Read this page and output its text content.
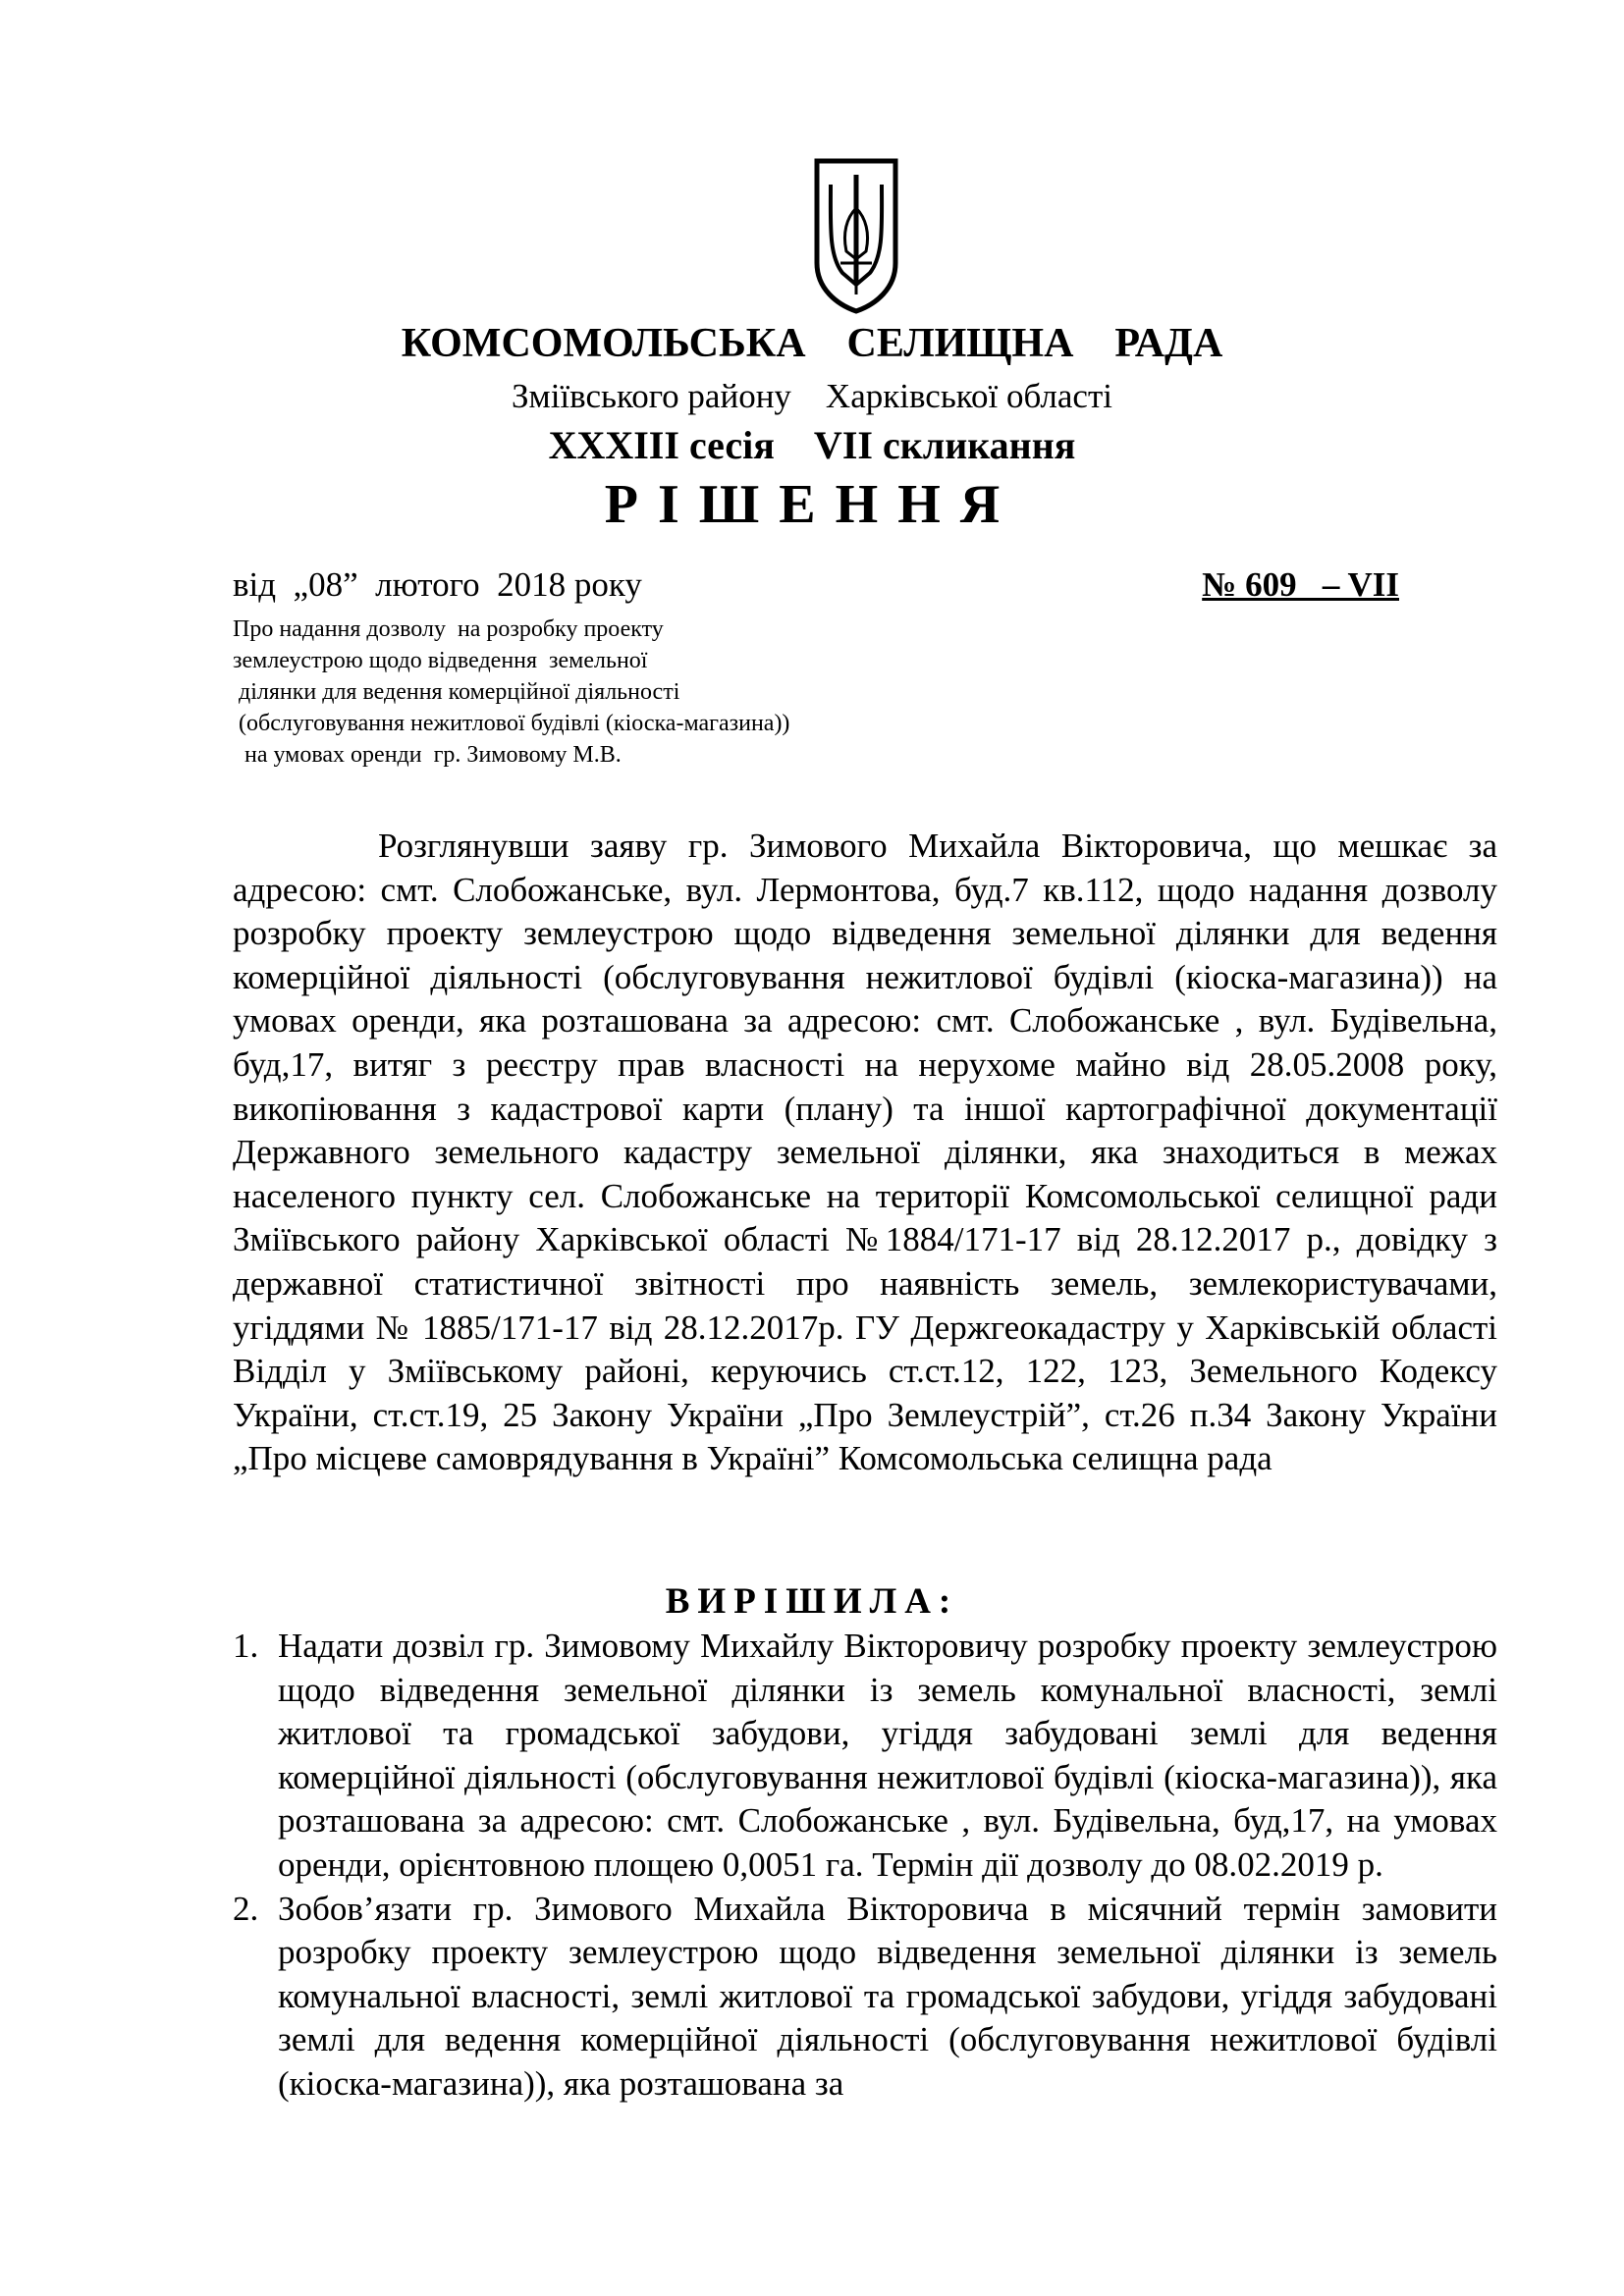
КОМСОМОЛЬСЬКА    СЕЛИЩНА    РАДА
Зміївського району    Харківської області
XXXIII сесія    VII скликання
РІШЕННЯ
від  „08”  лютого  2018 року	№ 609   – VII
Про надання дозволу  на розробку проекту
землеустрою щодо відведення  земельної
ділянки для ведення комерційної діяльності
(обслуговування нежитлової будівлі (кіоска-магазина))
на умовах оренди  гр. Зимовому М.В.
Розглянувши заяву гр. Зимового Михайла Вікторовича, що мешкає за адресою: смт. Слобожанське, вул. Лермонтова, буд.7 кв.112, щодо надання дозволу розробку проекту землеустрою щодо відведення земельної ділянки для ведення комерційної діяльності (обслуговування нежитлової будівлі (кіоска-магазина)) на умовах оренди, яка розташована за адресою: смт. Слобожанське , вул. Будівельна, буд,17, витяг з реєстру прав власності на нерухоме майно від 28.05.2008 року, викопіювання з кадастрової карти (плану) та іншої картографічної документації Державного земельного кадастру земельної ділянки, яка знаходиться в межах населеного пункту сел. Слобожанське на території Комсомольської селищної ради Зміївського району Харківської області №1884/171-17 від 28.12.2017 р., довідку з державної статистичної звітності про наявність земель, землекористувачами, угіддями № 1885/171-17 від 28.12.2017р. ГУ Держгеокадастру у Харківській області Відділ у Зміївському районі, керуючись ст.ст.12, 122, 123, Земельного Кодексу України, ст.ст.19, 25 Закону України „Про Землеустрій”, ст.26 п.34 Закону України „Про місцеве самоврядування в Україні” Комсомольська селищна рада
ВИРІШИЛА:
1. Надати дозвіл гр. Зимовому Михайлу Вікторовичу розробку проекту землеустрою щодо відведення земельної ділянки із земель комунальної власності, землі житлової та громадської забудови, угіддя забудовані землі для ведення комерційної діяльності (обслуговування нежитлової будівлі (кіоска-магазина)), яка розташована за адресою: смт. Слобожанське , вул. Будівельна, буд,17, на умовах оренди, орієнтовною площею 0,0051 га. Термін дії дозволу до 08.02.2019 р.
2. Зобов’язати гр. Зимового Михайла Вікторовича в місячний термін замовити розробку проекту землеустрою щодо відведення земельної ділянки із земель комунальної власності, землі житлової та громадської забудови, угіддя забудовані землі для ведення комерційної діяльності (обслуговування нежитлової будівлі (кіоска-магазина)), яка розташована за
